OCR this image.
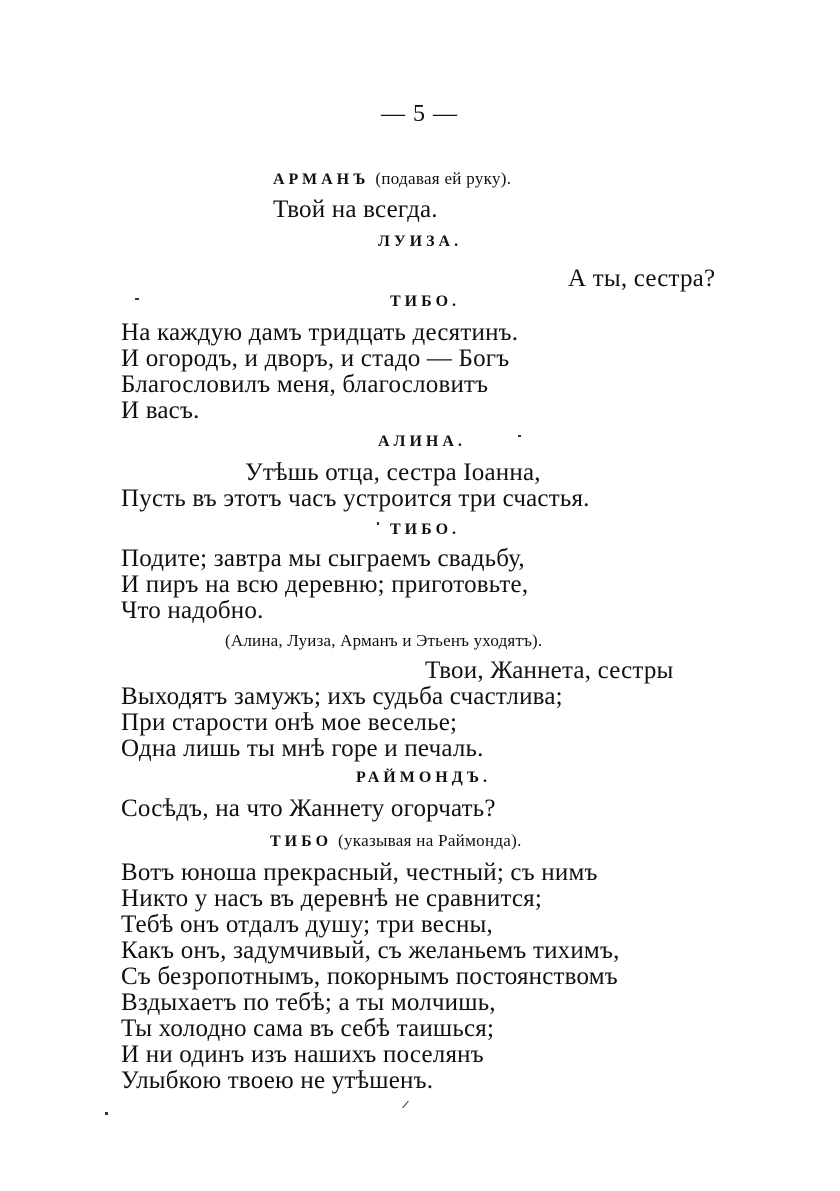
— 5 —
АРМАНЪ (подавая ей руку).
Твой на всегда.
ЛУИЗА.
А ты, сестра?
ТИБО.
На каждую дамъ тридцать десятинъ.
И огородъ, и дворъ, и стадо — Богъ
Благословилъ меня, благословитъ
И васъ.
АЛИНА.
Утѣшь отца, сестра Іоанна,
Пусть въ этотъ часъ устроится три счастья.
ТИБО.
Подите; завтра мы сыграемъ свадьбу,
И пиръ на всю деревню; приготовьте,
Что надобно.
(Алина, Луиза, Арманъ и Этьенъ уходятъ).
Твои, Жаннета, сестры
Выходятъ замужъ; ихъ судьба счастлива;
При старости онѣ мое веселье;
Одна лишь ты мнѣ горе и печаль.
РАЙМОНДЪ.
Сосѣдъ, на что Жаннету огорчать?
ТИБО (указывая на Раймонда).
Вотъ юноша прекрасный, честный; съ нимъ
Никто у насъ въ деревнѣ не сравнится;
Тебѣ онъ отдалъ душу; три весны,
Какъ онъ, задумчивый, съ желаньемъ тихимъ,
Съ безропотнымъ, покорнымъ постоянствомъ
Вздыхаетъ по тебѣ; а ты молчишь,
Ты холодно сама въ себѣ таишься;
И ни одинъ изъ нашихъ поселянъ
Улыбкою твоею не утѣшенъ.
